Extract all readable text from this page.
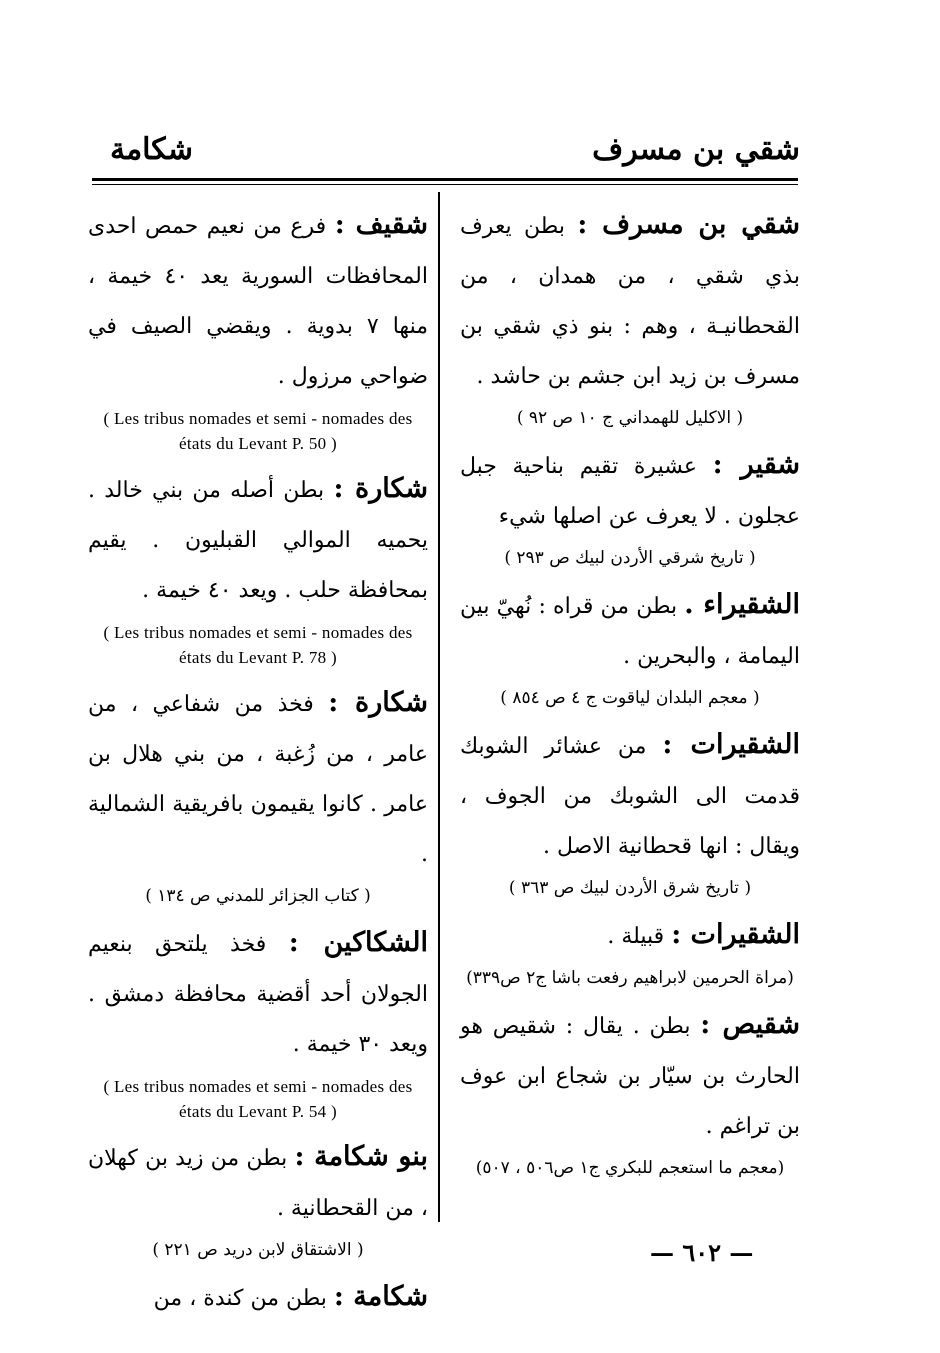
شقي بن مسرف
شكامة

شقي بن مسرف : بطن يعرف بذي شقي ، من همدان ، من القحطانيـة ، وهم : بنو ذي شقي بن مسرف بن زيد ابن جشم بن حاشد .

( الاكليل للهمداني ج ١٠ ص ٩٢ )

شقير : عشيرة تقيم بناحية جبل عجلون . لا يعرف عن اصلها شيء

( تاريخ شرقي الأردن لبيك ص ٢٩٣ )

الشقيراء . بطن من قراه : نُهيّ بين اليمامة ، والبحرين .

( معجم البلدان لياقوت ج ٤ ص ٨٥٤ )

الشقيرات : من عشائر الشوبك قدمت الى الشوبك من الجوف ، ويقال : انها قحطانية الاصل .

( تاريخ شرق الأردن لبيك ص ٣٦٣ )

الشقيرات : قبيلة .

(مراة الحرمين لابراهيم رفعت باشا ج٢ ص٣٣٩)

شقيص : بطن . يقال : شقيص هو الحارث بن سيّار بن شجاع ابن عوف بن تراغم .

(معجم ما استعجم للبكري ج١ ص٥٠٦ ، ٥٠٧)

شقيف : فرع من نعيم حمص احدى المحافظات السورية يعد ٤٠ خيمة ، منها ٧ بدوية . ويقضي الصيف في ضواحي مرزول .

( Les tribus nomades et semi - nomades des états du Levant P. 50 )

شكارة : بطن أصله من بني خالد . يحميه الموالي القبليون . يقيم بمحافظة حلب . ويعد ٤٠ خيمة .

( Les tribus nomades et semi - nomades des états du Levant P. 78 )

شكارة : فخذ من شفاعي ، من عامر ، من زُغبة ، من بني هلال بن عامر . كانوا يقيمون بافريقية الشمالية .

( كتاب الجزائر للمدني ص ١٣٤ )

الشكاكين : فخذ يلتحق بنعيم الجولان أحد أقضية محافظة دمشق . ويعد ٣٠ خيمة .

( Les tribus nomades et semi - nomades des états du Levant P. 54 )

بنو شكامة : بطن من زيد بن كهلان ، من القحطانية .

( الاشتقاق لابن دريد ص ٢٢١ )

شكامة : بطن من كندة ، من

— ٦٠٢ —
